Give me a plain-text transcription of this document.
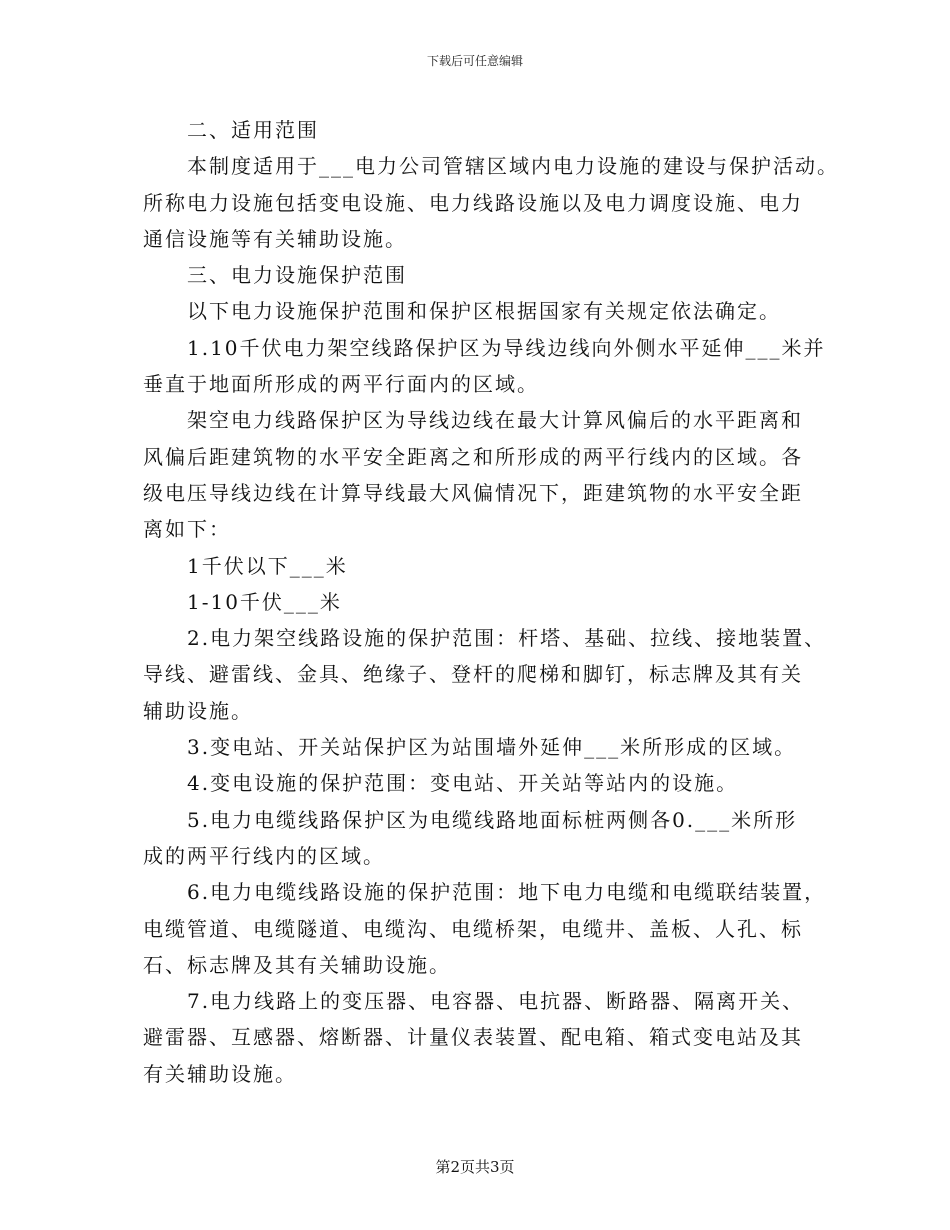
下载后可任意编辑
二、适用范围
本制度适用于___电力公司管辖区域内电力设施的建设与保护活动。
所称电力设施包括变电设施、电力线路设施以及电力调度设施、电力
通信设施等有关辅助设施。
三、电力设施保护范围
以下电力设施保护范围和保护区根据国家有关规定依法确定。
1.10千伏电力架空线路保护区为导线边线向外侧水平延伸___米并
垂直于地面所形成的两平行面内的区域。
架空电力线路保护区为导线边线在最大计算风偏后的水平距离和
风偏后距建筑物的水平安全距离之和所形成的两平行线内的区域。各
级电压导线边线在计算导线最大风偏情况下，距建筑物的水平安全距
离如下：
1千伏以下___米
1-10千伏___米
2.电力架空线路设施的保护范围：杆塔、基础、拉线、接地装置、
导线、避雷线、金具、绝缘子、登杆的爬梯和脚钉，标志牌及其有关
辅助设施。
3.变电站、开关站保护区为站围墙外延伸___米所形成的区域。
4.变电设施的保护范围：变电站、开关站等站内的设施。
5.电力电缆线路保护区为电缆线路地面标桩两侧各0.___米所形
成的两平行线内的区域。
6.电力电缆线路设施的保护范围：地下电力电缆和电缆联结装置，
电缆管道、电缆隧道、电缆沟、电缆桥架，电缆井、盖板、人孔、标
石、标志牌及其有关辅助设施。
7.电力线路上的变压器、电容器、电抗器、断路器、隔离开关、
避雷器、互感器、熔断器、计量仪表装置、配电箱、箱式变电站及其
有关辅助设施。
第2页共3页
